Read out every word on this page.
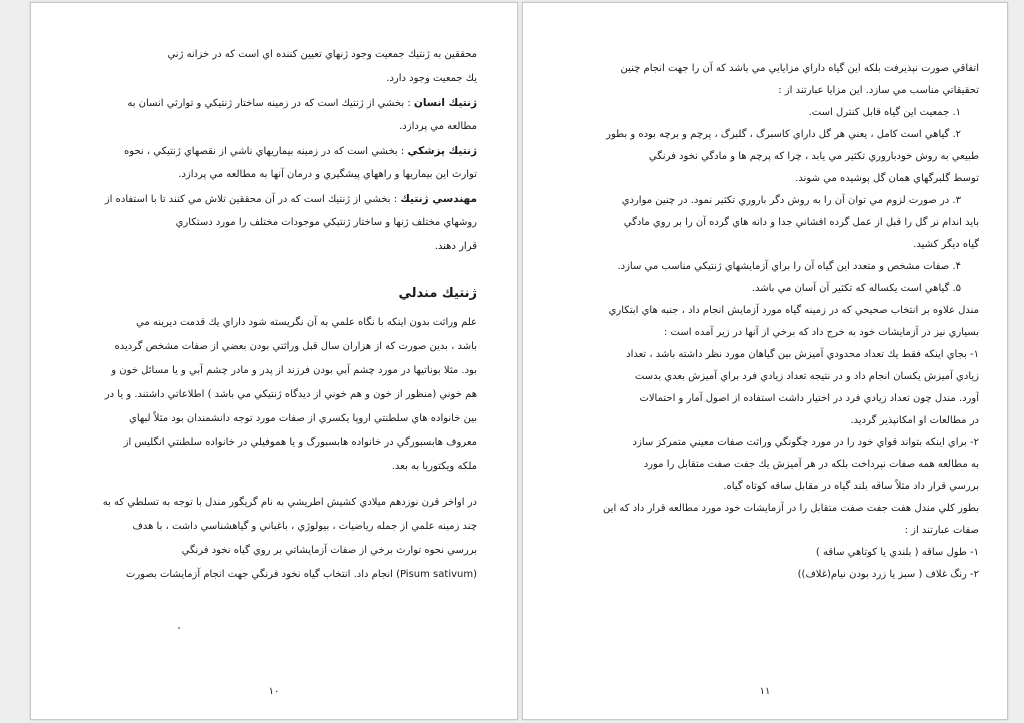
محققين به ژنتيك جمعيت وجود ژنهاي تعيين كننده اي است كه در خزانه ژني
يك جمعيت وجود دارد.
ژنتيك انسان : بخشي از ژنتيك است كه در زمينه ساختار ژنتيكي و توارثي انسان به
مطالعه مي پردازد.
ژنتيك پزشكي : بخشي است كه در زمينه بيماريهاي ناشي از نقصهاي ژنتيكي ، نحوه
توارث اين بيماريها و راههاي پيشگيري و درمان آنها به مطالعه مي پردازد.
مهندسي ژنتيك : بخشي از ژنتيك است كه در آن محققين تلاش مي كنند تا با استفاده از
روشهاي مختلف ژنها و ساختار ژنتيكي موجودات مختلف را مورد دستكاري
قرار دهند.
ژنتيك مندلي
علم وراثت بدون اينكه با نگاه علمي به آن نگريسته شود داراي يك قدمت ديرينه مي
باشد ، بدين صورت كه از هزاران سال قبل وراثتي بودن بعضي از صفات مشخص گرديده
بود. مثلا بوناتيها در مورد چشم آبي بودن فرزند از پدر و مادر چشم آبي و يا مسائل خون و
هم خوني (منظور از خون و هم خوني از ديدگاه ژنتيكي مي باشد ) اطلاعاتي داشتند. و يا در
بين خانواده هاي سلطنتي اروپا يكسري از صفات مورد توجه دانشمندان بود مثلاً لبهاي
معروف هابسبورگي در خانواده هابسبورگ و يا هموفيلي در خانواده سلطنتي انگليس از
ملكه ويكتوريا به بعد.
در اواخر قرن نوزدهم ميلادي كشيش اطريشي به نام گريگور مندل با توجه به تسلطي كه به
چند زمينه علمي از جمله رياضيات ، بيولوژي ، باغباني و گياهشناسي داشت ، با هدف
بررسي نحوه توارث برخي از صفات آزمايشاتي بر روي گياه نخود فرنگي
(Pisum sativum) انجام داد. انتخاب گياه نخود فرنگي جهت انجام آزمايشات بصورت
۱۰
اتفاقي صورت نپذيرفت بلكه اين گياه داراي مزايايي مي باشد كه آن را جهت انجام چنين
تحقيقاتي مناسب مي سازد. اين مزايا عبارتند از :
۱. جمعيت اين گياه قابل كنترل است.
۲. گياهي است كامل ، يعني هر گل داراي كاسبرگ ، گلبرگ ، پرچم و برچه بوده و بطور
طبيعي به روش خودباروري تكثير مي يابد ، چرا كه پرچم ها و مادگي نخود فرنگي
توسط گلبرگهاي همان گل پوشيده مي شوند.
۳. در صورت لزوم مي توان آن را به روش دگر باروري تكثير نمود. در چنين مواردي
بايد اندام نر گل را قبل از عمل گرده افشاني جدا و دانه هاي گرده آن را بر روي مادگي
گياه ديگر كشيد.
۴. صفات مشخص و متعدد اين گياه آن را براي آزمايشهاي ژنتيكي مناسب مي سازد.
۵. گياهي است يكساله كه تكثير آن آسان مي باشد.
مندل علاوه بر انتخاب صحيحي كه در زمينه گياه مورد آزمايش انجام داد ، جنبه هاي ابتكاري
بسياري نيز در آزمايشات خود به خرج داد كه برخي از آنها در زير آمده است :
۱- بجاي اينكه فقط يك تعداد محدودي آميزش بين گياهان مورد نظر داشته باشد ، تعداد
زيادي آميزش يكسان انجام داد و در نتيجه تعداد زيادي فرد براي آميزش بعدي بدست
آورد. مندل چون تعداد زيادي فرد در اختيار داشت استفاده از اصول آمار و احتمالات
در مطالعات او امكانپذير گرديد.
۲- براي اينكه بتواند قواي خود را در مورد چگونگي وراثت صفات معيني متمركز سازد
به مطالعه همه صفات نپرداخت بلكه در هر آميزش يك جفت صفت متقابل را مورد
بررسي قرار داد مثلاً ساقه بلند گياه در مقابل ساقه كوتاه گياه.
بطور كلي مندل هفت جفت صفت متقابل را در آزمايشات خود مورد مطالعه قرار داد كه اين
صفات عبارتند از :
۱- طول ساقه ( بلندي يا كوتاهي ساقه )
۲- رنگ غلاف ( سبز يا زرد بودن نيام(غلاف))
۱۱
